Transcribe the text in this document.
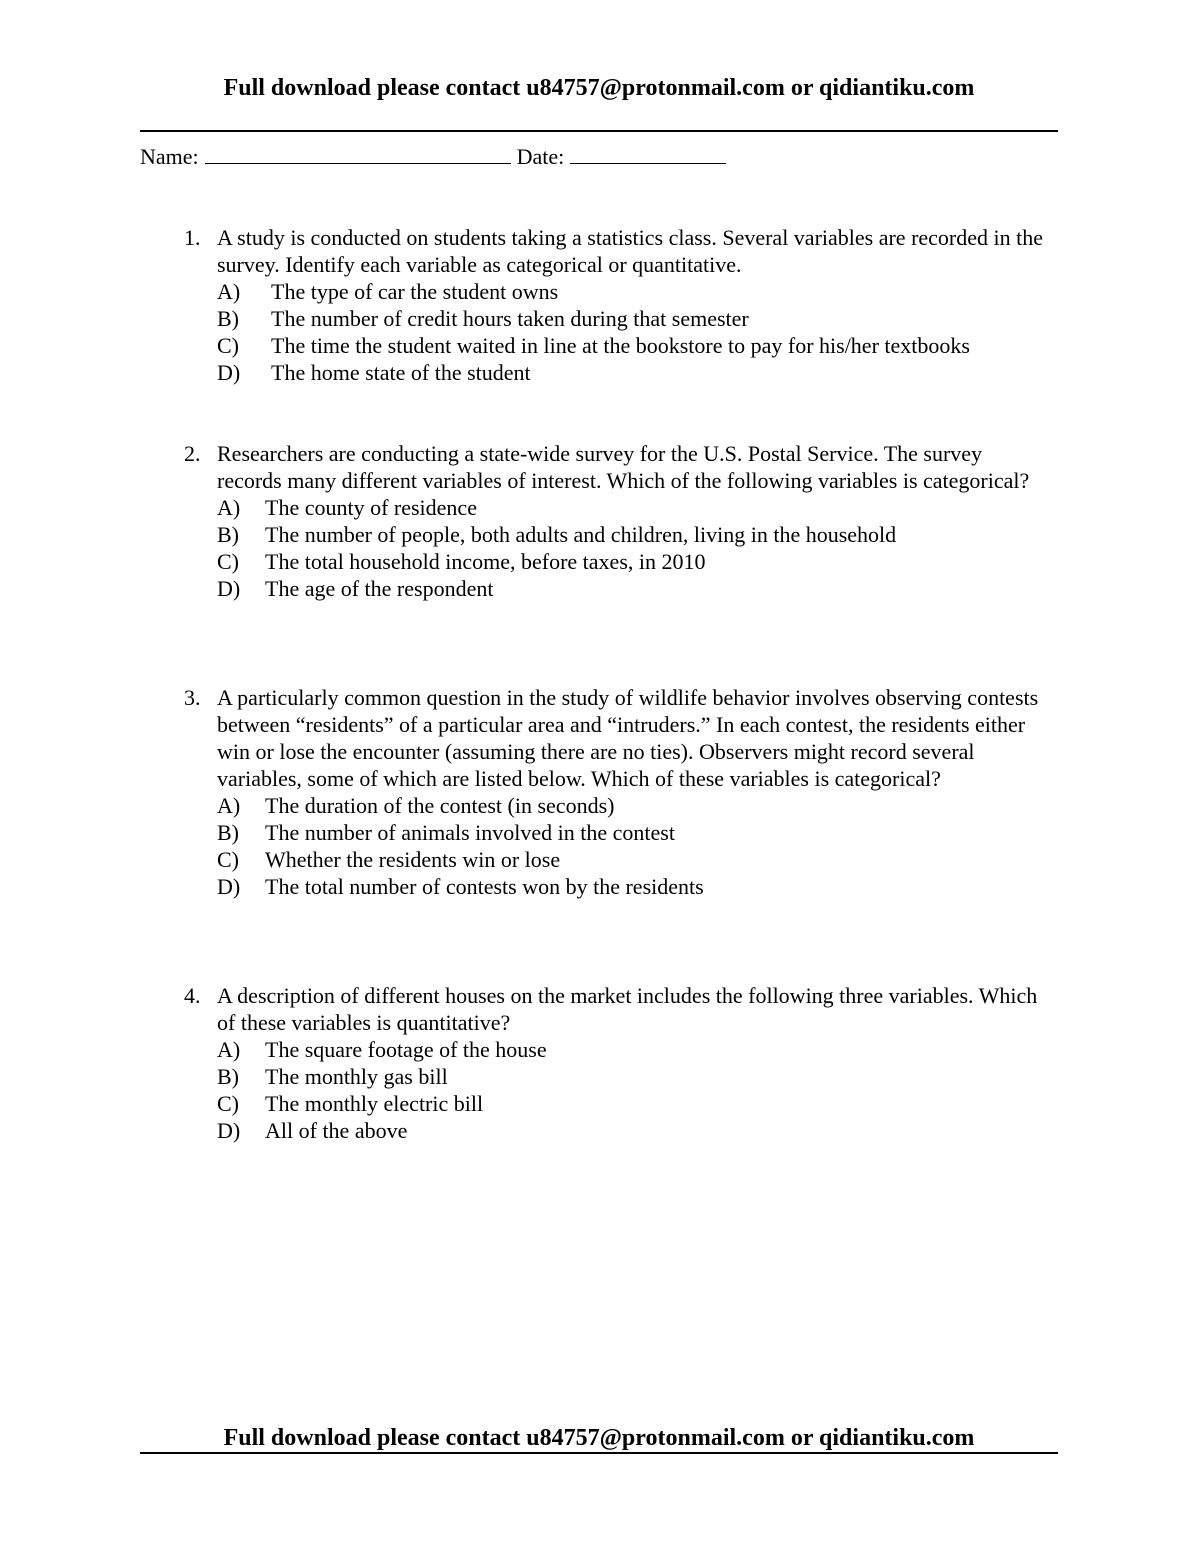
Full download please contact u84757@protonmail.com or qidiantiku.com
Name:	Date:
1. A study is conducted on students taking a statistics class. Several variables are recorded in the survey. Identify each variable as categorical or quantitative.
A)	The type of car the student owns
B)	The number of credit hours taken during that semester
C)	The time the student waited in line at the bookstore to pay for his/her textbooks
D)	The home state of the student
2. Researchers are conducting a state-wide survey for the U.S. Postal Service. The survey records many different variables of interest. Which of the following variables is categorical?
A)	The county of residence
B)	The number of people, both adults and children, living in the household
C)	The total household income, before taxes, in 2010
D)	The age of the respondent
3. A particularly common question in the study of wildlife behavior involves observing contests between “residents” of a particular area and “intruders.” In each contest, the residents either win or lose the encounter (assuming there are no ties). Observers might record several variables, some of which are listed below. Which of these variables is categorical?
A)	The duration of the contest (in seconds)
B)	The number of animals involved in the contest
C)	Whether the residents win or lose
D)	The total number of contests won by the residents
4. A description of different houses on the market includes the following three variables. Which of these variables is quantitative?
A)	The square footage of the house
B)	The monthly gas bill
C)	The monthly electric bill
D)	All of the above
Full download please contact u84757@protonmail.com or qidiantiku.com
